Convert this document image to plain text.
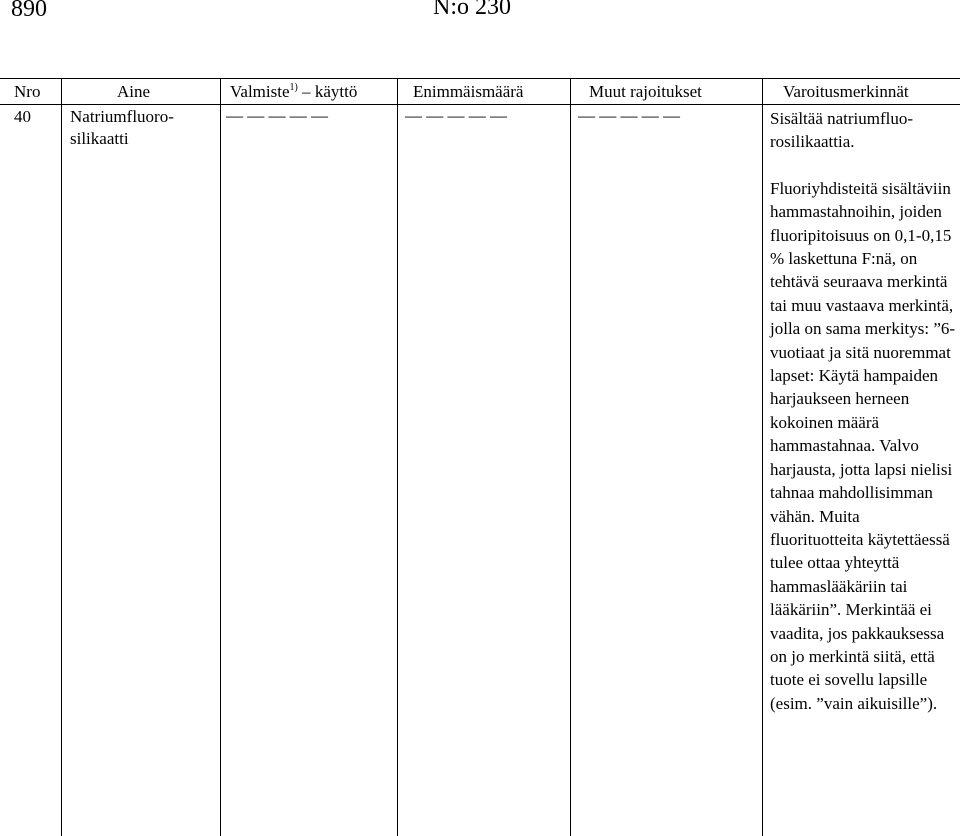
890	N:o 230
Nro	Aine	Valmiste$^{1)}$ – käyttö	Enimmäismäärä	Muut rajoitukset	Varoitusmerkinnät
40 Natriumfluoro-
silikaatti
— — — — —	— — — — —	— — — — —	Sisältää natriumfluo-rosilikaattia.

Fluoriyhdisteitä sisältäviin hammastahnoihin, joiden fluoripitoisuus on 0,1-0,15 % laskettuna F:nä, on tehtävä seuraava merkintä tai muu vastaava merkintä, jolla on sama merkitys: ”6-vuotiaat ja sitä nuoremmat lapset: Käytä hampaiden harjaukseen herneen kokoinen määrä hammastahnaa. Valvo harjausta, jotta lapsi nielisi tahnaa mahdollisimman vähän. Muita fluorituotteita käytettäessä tulee ottaa yhteyttä hammaslääkäriin tai lääkäriin”. Merkintää ei vaadita, jos pakkauksessa on jo merkintä siitä, että tuote ei sovellu lapsille (esim. ”vain aikuisille”).
